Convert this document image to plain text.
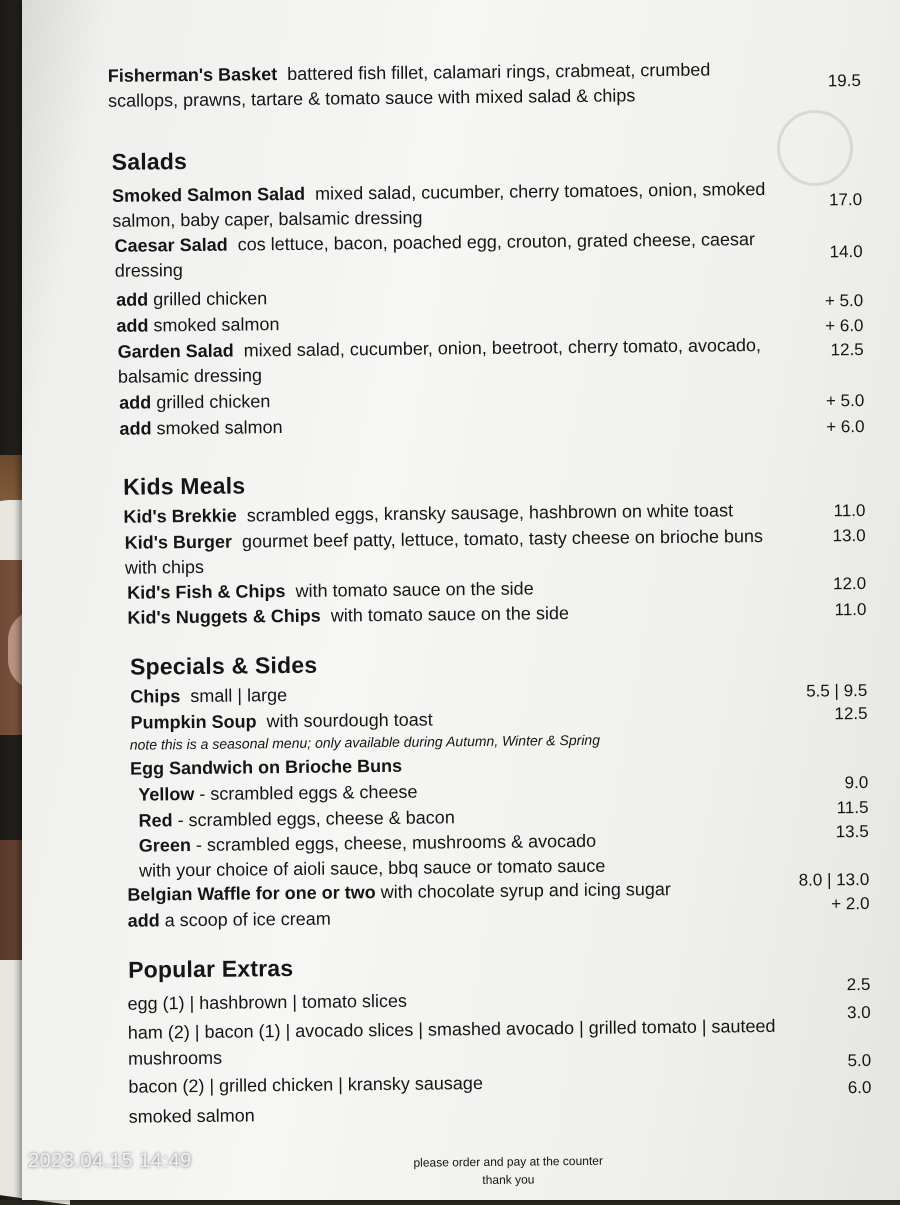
Fisherman's Basket battered fish fillet, calamari rings, crabmeat, crumbed
scallops, prawns, tartare & tomato sauce with mixed salad & chips
19.5
Salads
Smoked Salmon Salad mixed salad, cucumber, cherry tomatoes, onion, smoked
salmon, baby caper, balsamic dressing
17.0
Caesar Salad cos lettuce, bacon, poached egg, crouton, grated cheese, caesar
dressing
14.0
add grilled chicken	+ 5.0
add smoked salmon	+ 6.0
Garden Salad mixed salad, cucumber, onion, beetroot, cherry tomato, avocado,
balsamic dressing
12.5
add grilled chicken	+ 5.0
add smoked salmon	+ 6.0
Kids Meals
Kid's Brekkie scrambled eggs, kransky sausage, hashbrown on white toast	11.0
Kid's Burger gourmet beef patty, lettuce, tomato, tasty cheese on brioche buns
with chips
13.0
Kid's Fish & Chips with tomato sauce on the side	12.0
Kid's Nuggets & Chips with tomato sauce on the side	11.0
Specials & Sides
Chips small | large	5.5 | 9.5
Pumpkin Soup with sourdough toast	12.5
note this is a seasonal menu; only available during Autumn, Winter & Spring
Egg Sandwich on Brioche Buns
Yellow - scrambled eggs & cheese	9.0
Red - scrambled eggs, cheese & bacon	11.5
Green - scrambled eggs, cheese, mushrooms & avocado	13.5
with your choice of aioli sauce, bbq sauce or tomato sauce
Belgian Waffle for one or two with chocolate syrup and icing sugar	8.0 | 13.0
add a scoop of ice cream
+ 2.0
Popular Extras
egg (1) | hashbrown | tomato slices
2.5
ham (2) | bacon (1) | avocado slices | smashed avocado | grilled tomato | sauteed
mushrooms
3.0
bacon (2) | grilled chicken | kransky sausage
5.0
smoked salmon
6.0
please order and pay at the counter
thank you
2023.04.15 14:49
